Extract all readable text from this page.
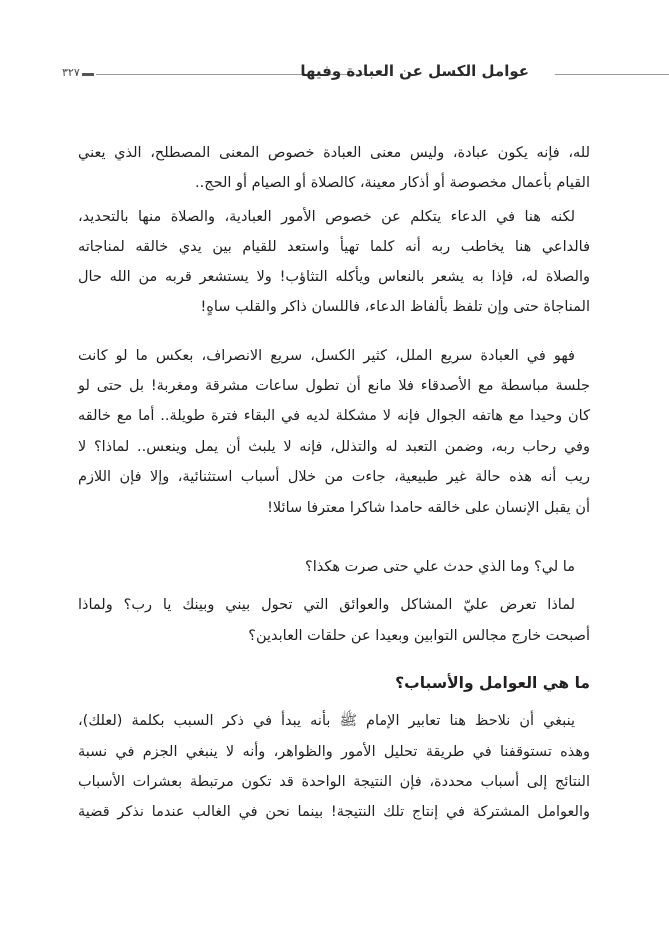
٣٢٧	عوامل الكسل عن العبادة وفيها
لله، فإنه يكون عبادة، وليس معنى العبادة خصوص المعنى المصطلح، الذي يعني
القيام بأعمال مخصوصة أو أذكار معينة، كالصلاة أو الصيام أو الحج..
لكنه هنا في الدعاء يتكلم عن خصوص الأمور العبادية، والصلاة منها بالتحديد،
فالداعي هنا يخاطب ربه أنه كلما تهيأ واستعد للقيام بين يدي خالقه لمناجاته
والصلاة له، فإذا به يشعر بالنعاس ويأكله التثاؤب! ولا يستشعر قربه من الله حال
المناجاة حتى وإن تلفظ بألفاظ الدعاء، فاللسان ذاكر والقلب ساهٍ!
فهو في العبادة سريع الملل، كثير الكسل، سريع الانصراف، بعكس ما لو كانت
جلسة مباسطة مع الأصدقاء فلا مانع أن تطول ساعات مشرقة ومغربة! بل حتى لو
كان وحيدا مع هاتفه الجوال فإنه لا مشكلة لديه في البقاء فترة طويلة.. أما مع خالقه
وفي رحاب ربه، وضمن التعبد له والتذلل، فإنه لا يلبث أن يمل وينعس.. لماذا؟ لا
ريب أنه هذه حالة غير طبيعية، جاءت من خلال أسباب استثنائية، وإلا فإن اللازم
أن يقبل الإنسان على خالقه حامدا شاكرا معترفا سائلا!
ما لي؟ وما الذي حدث علي حتى صرت هكذا؟
لماذا تعرض عليّ المشاكل والعوائق التي تحول بيني وبينك يا رب؟ ولماذا
أصبحت خارج مجالس التوابين وبعيدا عن حلقات العابدين؟
ما هي العوامل والأسباب؟
ينبغي أن نلاحظ هنا تعابير الإمام ﷺ بأنه يبدأ في ذكر السبب بكلمة (لعلك)،
وهذه تستوقفنا في طريقة تحليل الأمور والظواهر، وأنه لا ينبغي الجزم في نسبة
النتائج إلى أسباب محددة، فإن النتيجة الواحدة قد تكون مرتبطة بعشرات الأسباب
والعوامل المشتركة في إنتاج تلك النتيجة! بينما نحن في الغالب عندما نذكر قضية
